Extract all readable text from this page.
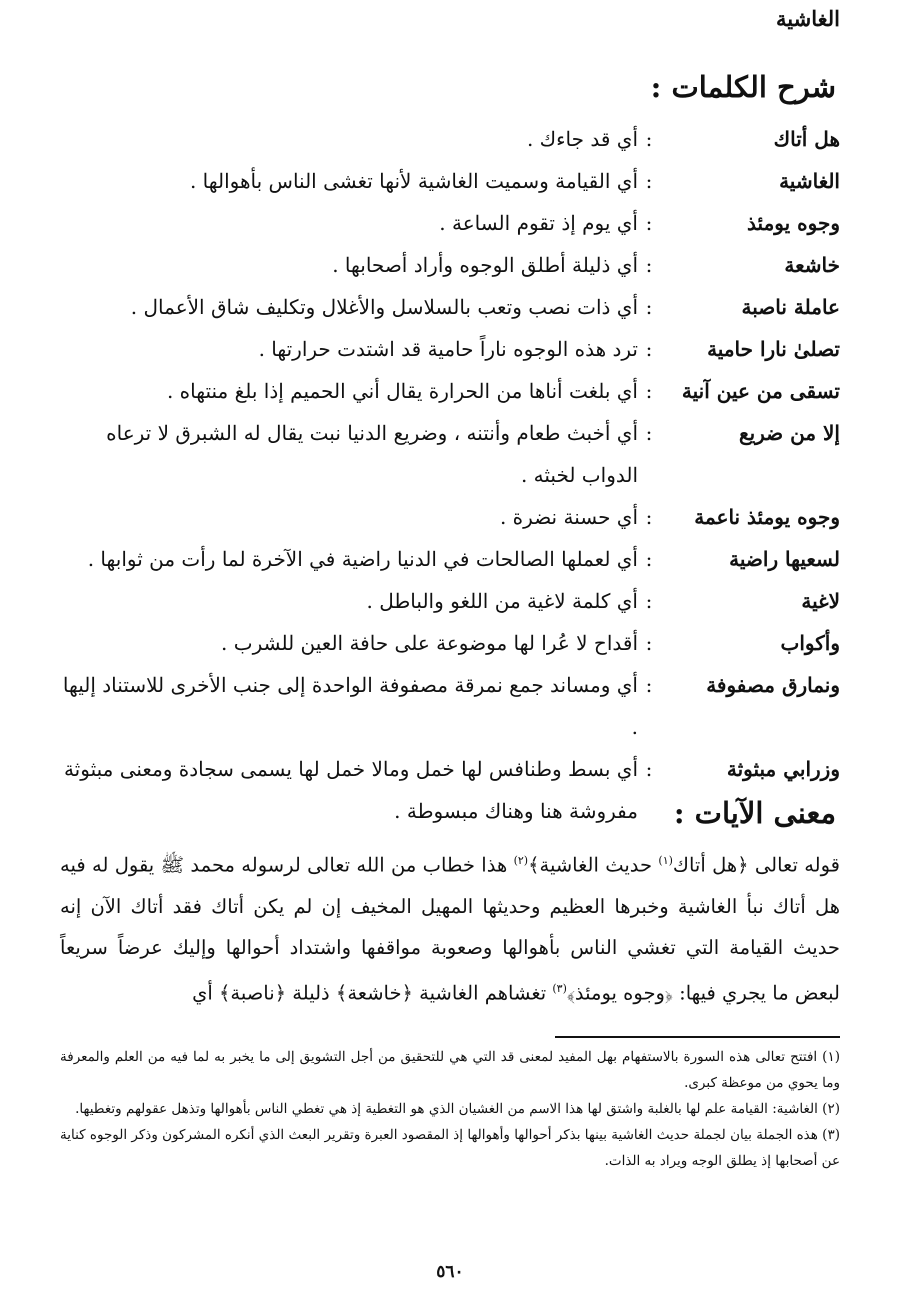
الغاشية
شرح الكلمات :
هل أتاك
:
أي قد جاءك .
الغاشية
:
أي القيامة وسميت الغاشية لأنها تغشى الناس بأهوالها .
وجوه يومئذ
:
أي يوم إذ تقوم الساعة .
خاشعة
:
أي ذليلة أطلق الوجوه وأراد أصحابها .
عاملة ناصبة
:
أي ذات نصب وتعب بالسلاسل والأغلال وتكليف شاق الأعمال .
تصلىٰ نارا حامية
:
ترد هذه الوجوه ناراً حامية قد اشتدت حرارتها .
تسقى من عين آنية
:
أي بلغت أناها من الحرارة يقال أني الحميم إذا بلغ منتهاه .
إلا من ضريع
:
أي أخبث طعام وأنتنه ، وضريع الدنيا نبت يقال له الشبرق لا ترعاه الدواب لخبثه .
وجوه يومئذ ناعمة
:
أي حسنة نضرة .
لسعيها راضية
:
أي لعملها الصالحات في الدنيا راضية في الآخرة لما رأت من ثوابها .
لاغية
:
أي كلمة لاغية من اللغو والباطل .
وأكواب
:
أقداح لا عُرا لها موضوعة على حافة العين للشرب .
ونمارق مصفوفة
:
أي ومساند جمع نمرقة مصفوفة الواحدة إلى جنب الأخرى للاستناد إليها .
وزرابي مبثوثة
:
أي بسط وطنافس لها خمل ومالا خمل لها يسمى سجادة ومعنى مبثوثة مفروشة هنا وهناك مبسوطة . معنى الآيات :
قوله تعالى ﴿هل أتاك$^{(١)}$ حديث الغاشية﴾$^{(٢)}$ هذا خطاب من الله تعالى لرسوله محمد ﷺ يقول له فيه هل أتاك نبأ الغاشية وخبرها العظيم وحديثها المهيل المخيف إن لم يكن أتاك فقد أتاك الآن إنه حديث القيامة التي تغشي الناس بأهوالها وصعوبة مواقفها واشتداد أحوالها وإليك عرضاً سريعاً لبعض ما يجري فيها: ﴿وجوه يومئذ﴾$^{(٣)}$ تغشاهم الغاشية ﴿خاشعة﴾ ذليلة ﴿ناصبة﴾ أي

(١) افتتح تعالى هذه السورة بالاستفهام بهل المفيد لمعنى قد التي هي للتحقيق من أجل التشويق إلى ما يخبر به لما فيه من العلم والمعرفة وما يحوي من موعظة كبرى.

(٢) الغاشية: القيامة علم لها بالغلبة واشتق لها هذا الاسم من الغشيان الذي هو التغطية إذ هي تغطي الناس بأهوالها وتذهل عقولهم وتغطيها.

(٣) هذه الجملة بيان لجملة حديث الغاشية بينها بذكر أحوالها وأهوالها إذ المقصود العبرة وتقرير البعث الذي أنكره المشركون وذكر الوجوه كناية عن أصحابها إذ يطلق الوجه ويراد به الذات.

٥٦٠
